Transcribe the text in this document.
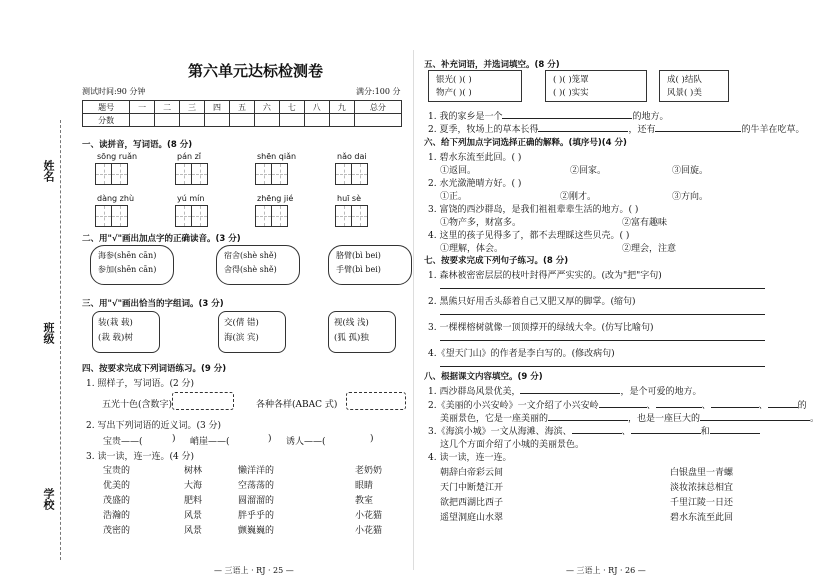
姓名
班级
学校
第六单元达标检测卷
测试时间:90 分钟	满分:100 分
题号	一	二	三	四	五	六	七	八	九	总分
分数										
一、读拼音，写词语。(8 分)
sōng ruǎn	pán zǐ	shēn qiǎn	nǎo dai
dàng zhù	yú mín	zhēng jié	huī sè
二、用"√"画出加点字的正确读音。(3 分)
海参(shēn cān)
参加(shēn cān)
宿舍(shè shě)
舍得(shè shě)
胳臂(bì bei)
手臂(bì bei)
三、用"√"画出恰当的字组词。(3 分)
装(栽 载)
(栽 载)树
交(倩 错)
海(滨 宾)
视(线 浅)
(狐 孤)独
四、按要求完成下列词语练习。(9 分)
1. 照样子，写词语。(2 分)
五光十色(含数字)	各种各样(ABAC 式)
2. 写出下列词语的近义词。(3 分)
宝贵——(	) 峭崖——(	) 诱人——(	)
3. 读一读，连一连。(4 分)
宝贵的
优美的
茂盛的
浩瀚的
茂密的
树林
大海
肥料
风景
懒洋洋的
空荡荡的
圆溜溜的
胖乎乎的
颤巍巍的
老奶奶
眼睛
教室
小花猫
风景	小花猫
— 三语上 · RJ · 25 —
五、补充词语，并选词填空。(8 分)
银光( )( )
物产( )( )
( )( )笼罩
( )( )实实
成( )结队
风景( )美
1. 我的家乡是一个	的地方。
2. 夏季，牧场上的草本长得	，还有	的牛羊在吃草。
六、给下列加点字词选择正确的解释。(填序号)(4 分)
1. 碧水东流至此回。( )
①返回。	②回家。	③回旋。
2. 水光潋滟晴方好。( )
①正。	②刚才。	③方向。
3. 富饶的西沙群岛，是我们祖祖辈辈生活的地方。( )
①物产多，财富多。	②富有趣味
4. 这里的孩子见得多了，都不去理睬这些贝壳。( )
①理解，体会。	②理会，注意
七、按要求完成下列句子练习。(8 分)
1. 森林被密密层层的枝叶封得严严实实的。(改为"把"字句)
2. 黑熊只好用舌头舔着自己又肥又厚的脚掌。(缩句)
3. 一棵棵榕树就像一顶顶撑开的绿绒大伞。(仿写比喻句)
4.《望天门山》的作者是李白写的。(修改病句)
八、根据课文内容填空。(9 分)
1. 西沙群岛风景优美，	，是个可爱的地方。
2.《美丽的小兴安岭》一文介绍了小兴安岭	、	、	、	的
美丽景色，它是一座美丽的	，也是一座巨大的	。
3.《海滨小城》一文从海滩、海滨、	、	和
这几个方面介绍了小城的美丽景色。
4. 读一读，连一连。
朝辞白帝彩云间
天门中断楚江开
欲把西湖比西子
遥望洞庭山水翠
白银盘里一青螺
淡妆浓抹总相宜
千里江陵一日还
碧水东流至此回
— 三语上 · RJ · 26 —
